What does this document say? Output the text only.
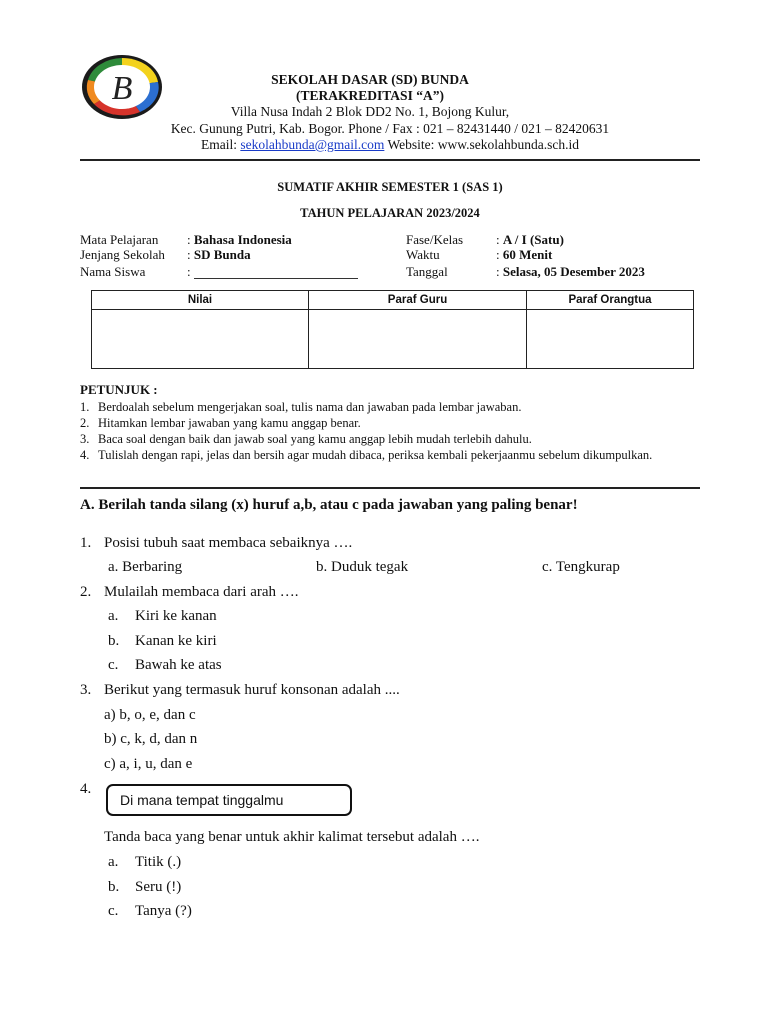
B	SEKOLAH DASAR (SD) BUNDA
(TERAKREDITASI “A”)
Villa Nusa Indah 2 Blok DD2 No. 1, Bojong Kulur,
Kec. Gunung Putri, Kab. Bogor. Phone / Fax : 021 – 82431440 / 021 – 82420631
Email: sekolahbunda@gmail.com Website: www.sekolahbunda.sch.id
SUMATIF AKHIR SEMESTER 1 (SAS 1)
TAHUN PELAJARAN 2023/2024
Mata Pelajaran : Bahasa Indonesia
Jenjang Sekolah : SD Bunda
Nama Siswa	:
Fase/Kelas	: A / I (Satu)
Waktu	: 60 Menit
Tanggal	: Selasa, 05 Desember 2023
Nilai	Paraf Guru	Paraf Orangtua

PETUNJUK :
1. Berdoalah sebelum mengerjakan soal, tulis nama dan jawaban pada lembar jawaban.
2. Hitamkan lembar jawaban yang kamu anggap benar.
3. Baca soal dengan baik dan jawab soal yang kamu anggap lebih mudah terlebih dahulu.
4. Tulislah dengan rapi, jelas dan bersih agar mudah dibaca, periksa kembali pekerjaanmu sebelum dikumpulkan.
A. Berilah tanda silang (x) huruf a,b, atau c pada jawaban yang paling benar!
1. Posisi tubuh saat membaca sebaiknya ….
a. Berbaring	b. Duduk tegak	c. Tengkurap
2. Mulailah membaca dari arah ….
a. Kiri ke kanan
b. Kanan ke kiri
c. Bawah ke atas
3. Berikut yang termasuk huruf konsonan adalah ....
a) b, o, e, dan c
b) c, k, d, dan n
c) a, i, u, dan e
4.
Di mana tempat tinggalmu
Tanda baca yang benar untuk akhir kalimat tersebut adalah ….
a. Titik (.)
b. Seru (!)
c. Tanya (?)
